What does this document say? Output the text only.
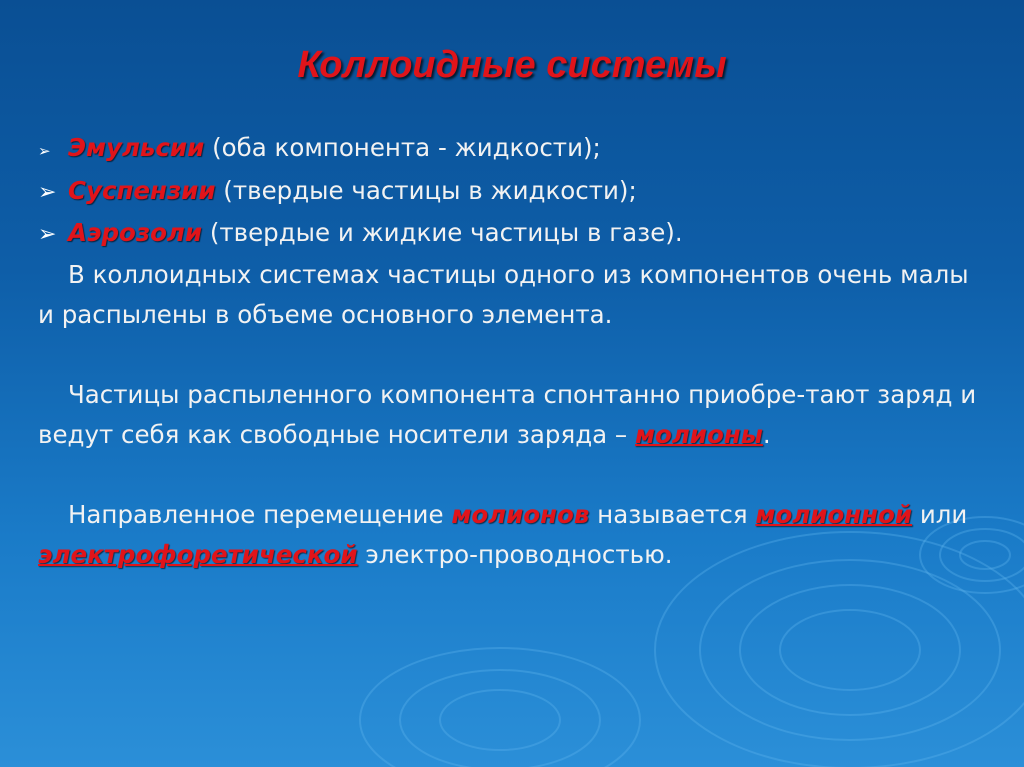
Коллоидные системы
➢ Эмульсии (оба компонента - жидкости);
➢ Суспензии (твердые частицы в жидкости);
➢ Аэрозоли (твердые и жидкие частицы в газе).

В коллоидных системах частицы одного из компонентов очень малы и распылены в объеме основного элемента.

Частицы распыленного компонента спонтанно приобре-тают заряд и ведут себя как свободные носители заряда – молионы.

Направленное перемещение молионов называется молионной или электрофоретической электро-проводностью.
